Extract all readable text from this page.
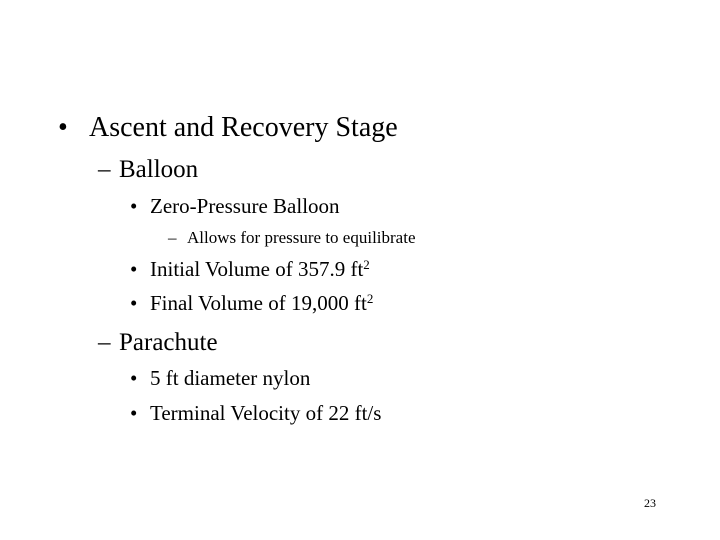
• Ascent and Recovery Stage
– Balloon
• Zero-Pressure Balloon
– Allows for pressure to equilibrate
• Initial Volume of 357.9 $ft^2$
• Final Volume of 19,000 $ft^2$
– Parachute
• 5 ft diameter nylon
• Terminal Velocity of 22 ft/s
23
